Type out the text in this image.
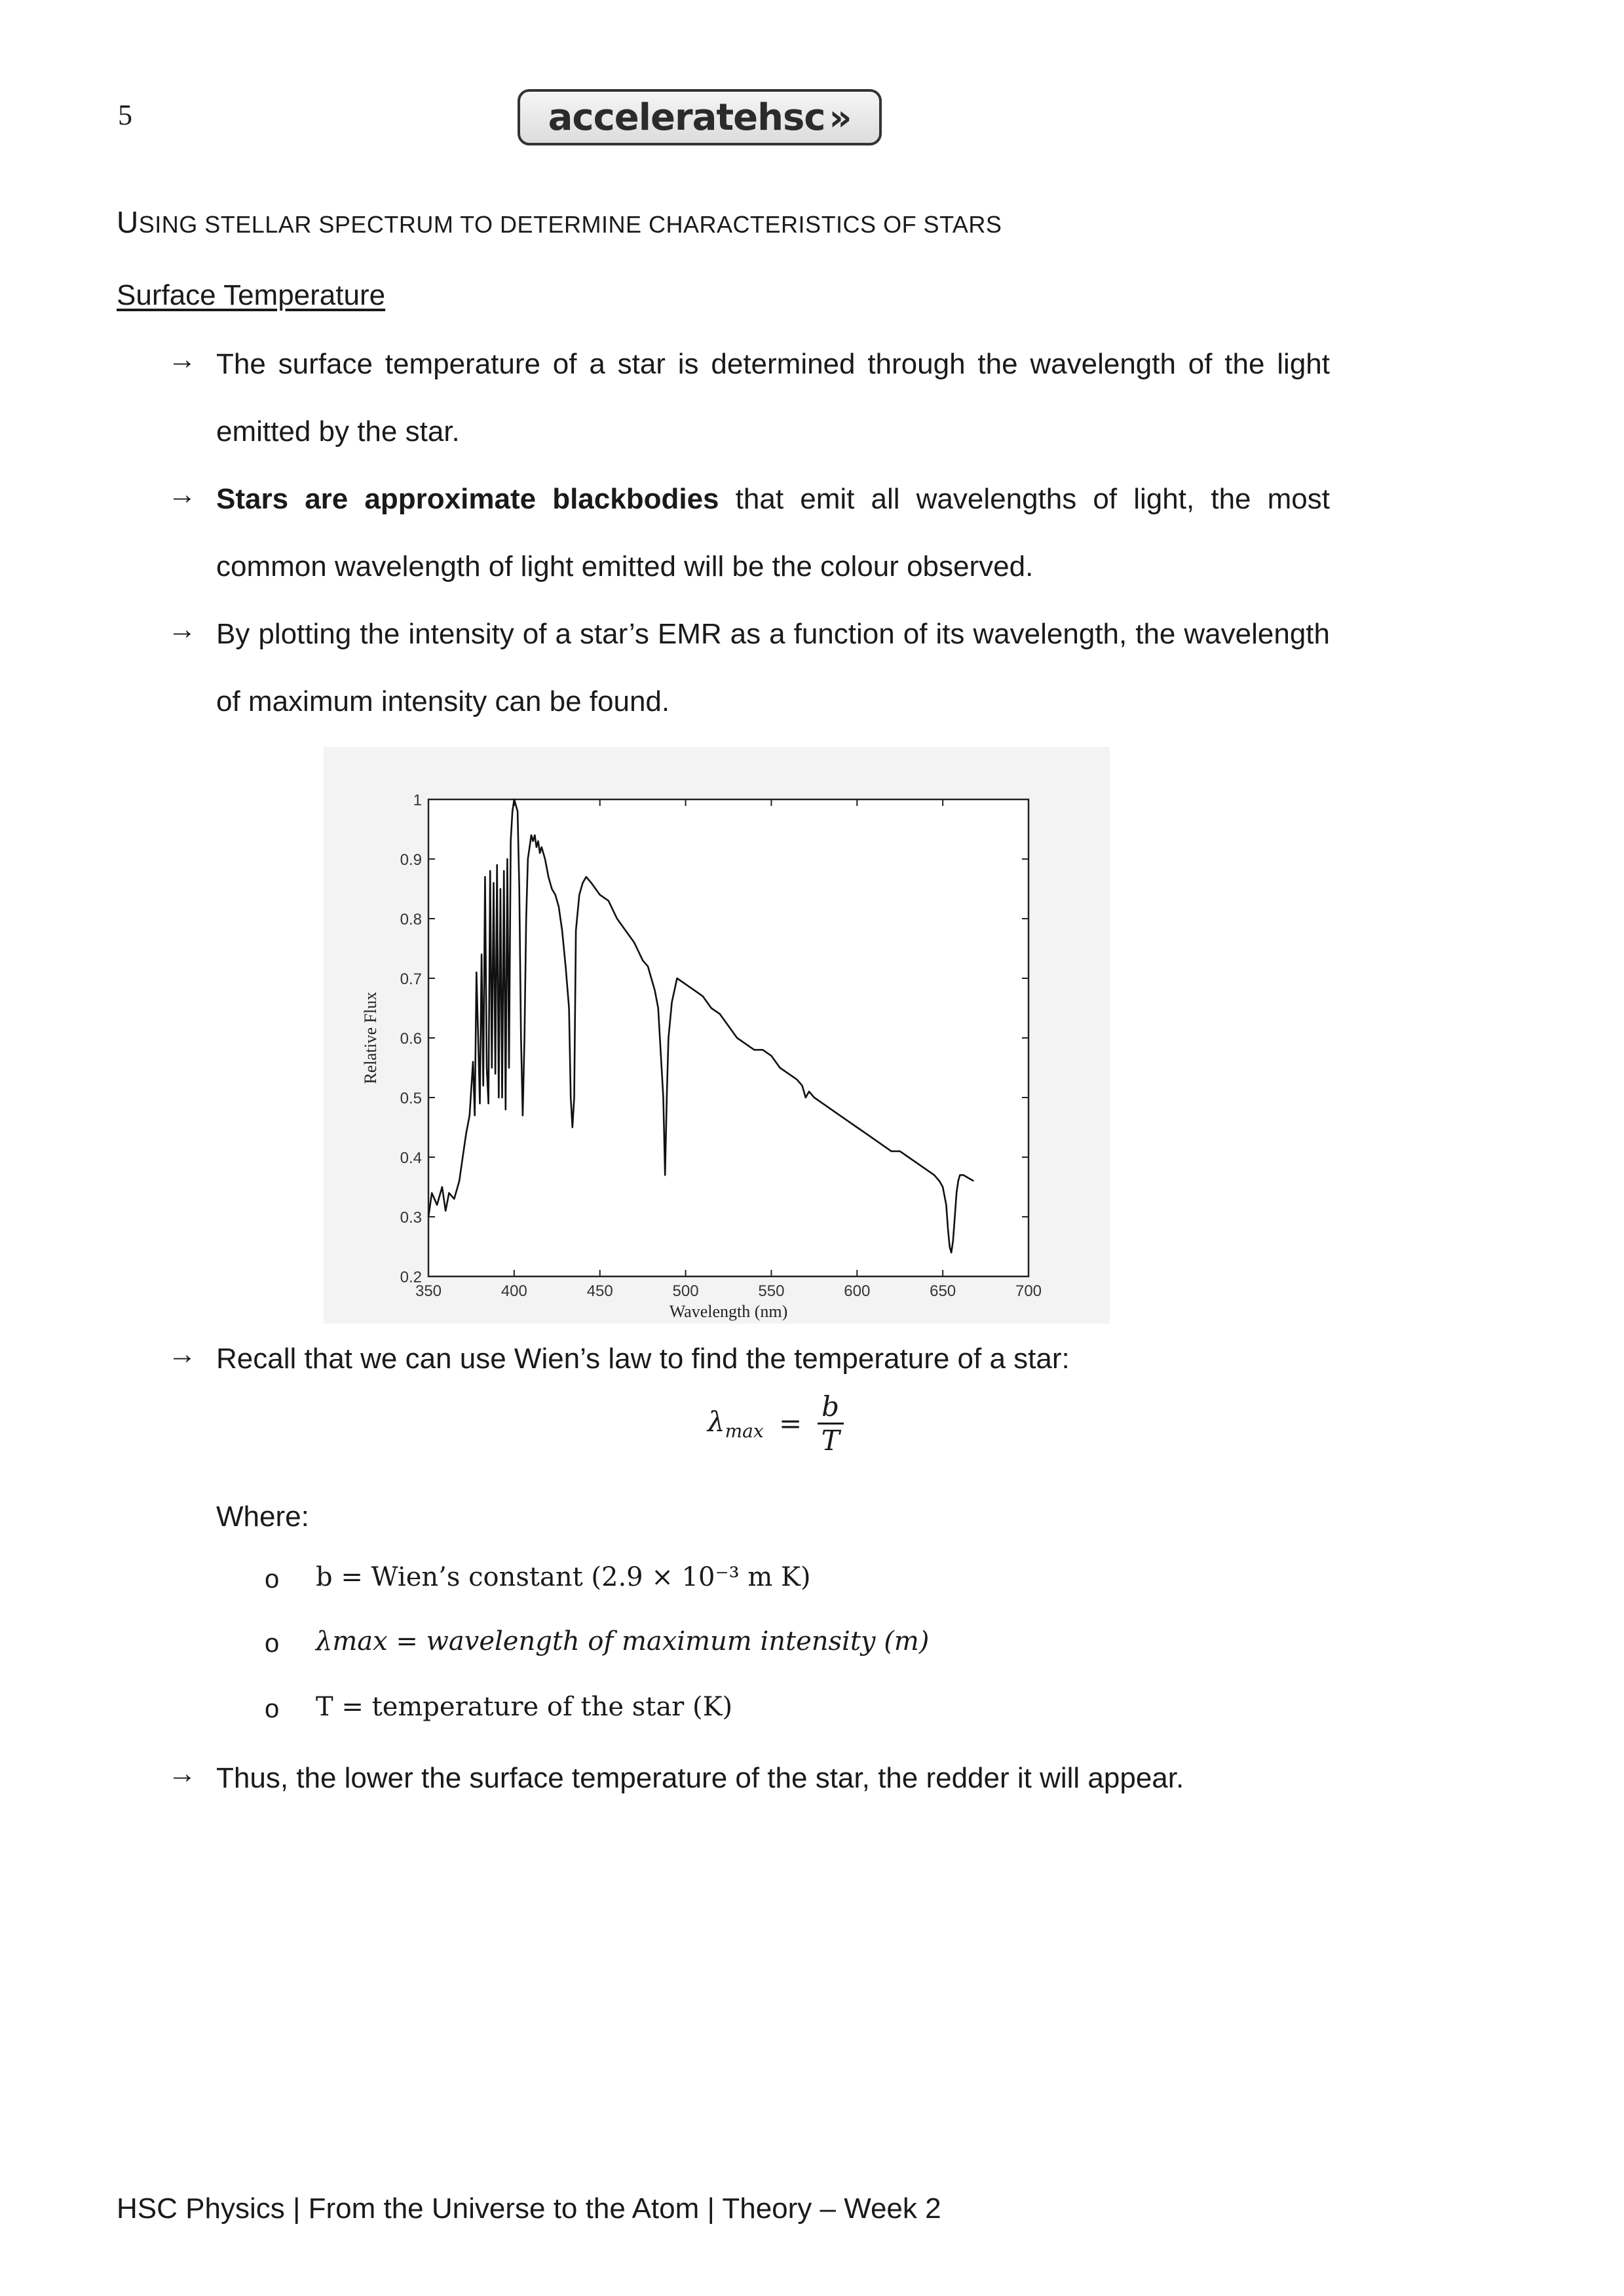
5	acceleratehsc »
USING STELLAR SPECTRUM TO DETERMINE CHARACTERISTICS OF STARS
Surface Temperature
→ The surface temperature of a star is determined through the wavelength of the light emitted by the star.
→ Stars are approximate blackbodies that emit all wavelengths of light, the most common wavelength of light emitted will be the colour observed.
→ By plotting the intensity of a star’s EMR as a function of its wavelength, the wavelength of maximum intensity can be found.
350	400	450	500	550	600	650	700
0.2
0.3
0.4
0.5
0.6
0.7
0.8
0.9
1
Wavelength (nm)
Relative Flux
→ Recall that we can use Wien’s law to find the temperature of a star:
$\lambda_{max} = \frac{b}{T}$
Where:
o b = Wien’s constant (2.9 × 10⁻³ m K)
o λmax = wavelength of maximum intensity (m)
o T = temperature of the star (K)
→ Thus, the lower the surface temperature of the star, the redder it will appear.
HSC Physics | From the Universe to the Atom | Theory – Week 2
